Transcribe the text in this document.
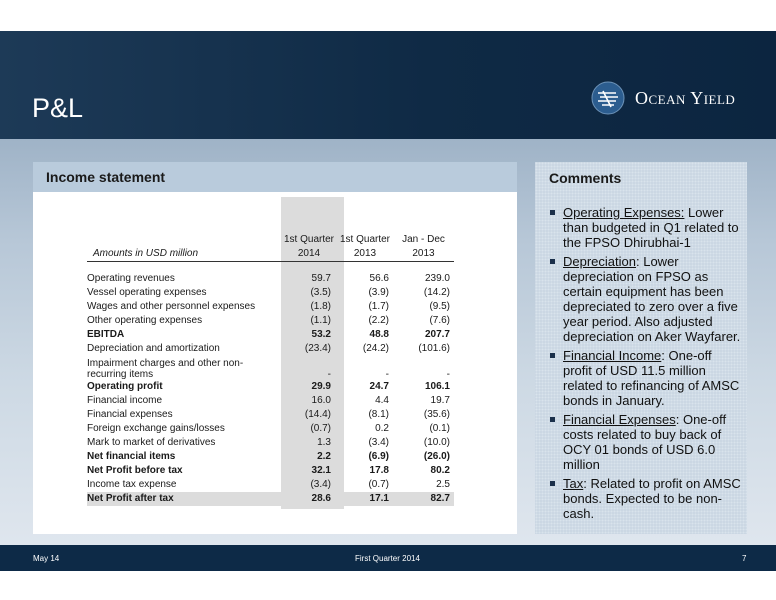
P&L	Ocean Yield
Income statement
	1st Quarter	1st Quarter	Jan - Dec
Amounts in USD million	2014	2013	2013

Operating revenues	59.7	56.6	239.0
Vessel operating expenses	(3.5)	(3.9)	(14.2)
Wages and other personnel expenses	(1.8)	(1.7)	(9.5)
Other operating expenses	(1.1)	(2.2)	(7.6)
EBITDA	53.2	48.8	207.7
Depreciation and amortization	(23.4)	(24.2)	(101.6)
Impairment charges and other non-recurring items	-	-	-
Operating profit	29.9	24.7	106.1
Financial income	16.0	4.4	19.7
Financial expenses	(14.4)	(8.1)	(35.6)
Foreign exchange gains/losses	(0.7)	0.2	(0.1)
Mark to market of derivatives	1.3	(3.4)	(10.0)
Net financial items	2.2	(6.9)	(26.0)
Net Profit before tax	32.1	17.8	80.2
Income tax expense	(3.4)	(0.7)	2.5
Net Profit after tax	28.6	17.1	82.7
Comments
Operating Expenses: Lower than budgeted in Q1 related to the FPSO Dhirubhai-1
Depreciation: Lower depreciation on FPSO as certain equipment has been depreciated to zero over a five year period. Also adjusted depreciation on Aker Wayfarer.
Financial Income: One-off profit of USD 11.5 million related to refinancing of AMSC bonds in January.
Financial Expenses: One-off costs related to buy back of OCY 01 bonds of USD 6.0 million
Tax: Related to profit on AMSC bonds. Expected to be non-cash.
May 14	First Quarter 2014	7
